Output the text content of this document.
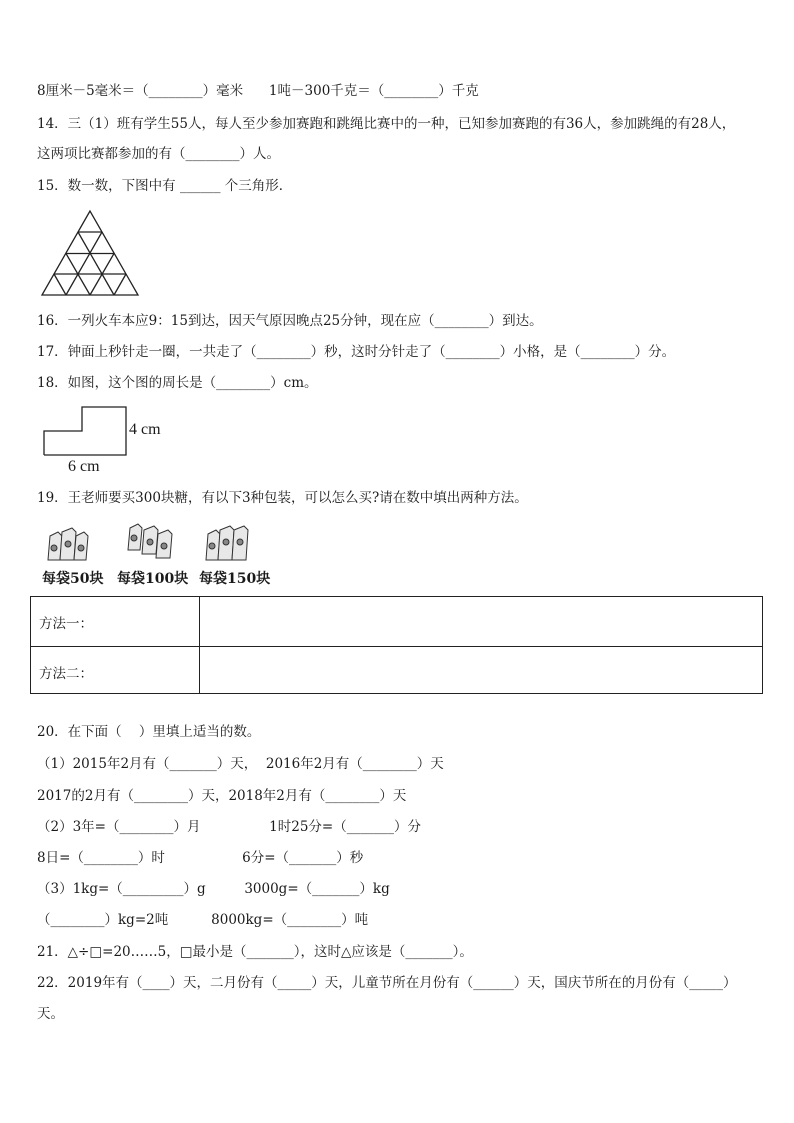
8厘米－5毫米＝（________）毫米      1吨－300千克＝（________）千克
14．三（1）班有学生55人，每人至少参加赛跑和跳绳比赛中的一种，已知参加赛跑的有36人，参加跳绳的有28人，
这两项比赛都参加的有（________）人。
15．数一数，下图中有 ______ 个三角形．
16．一列火车本应9：15到达，因天气原因晚点25分钟，现在应（________）到达。
17．钟面上秒针走一圈，一共走了（________）秒，这时分针走了（________）小格，是（________）分。
18．如图，这个图的周长是（________）cm。
4 cm
6 cm
19．王老师要买300块糖，有以下3种包装，可以怎么买?请在数中填出两种方法。
每袋50块 每袋100块 每袋150块
方法一：
方法二：
20．在下面（    ）里填上适当的数。
（1）2015年2月有（_______）天，  2016年2月有（________）天
2017的2月有（________）天，2018年2月有（________）天
（2）3年=（________）月                1时25分=（_______）分
8日=（________）时                  6分=（_______）秒
（3）1kg=（_________）g         3000g=（_______）kg
（________）kg=2吨          8000kg=（________）吨
21．△÷□=20……5，□最小是（_______），这时△应该是（_______）。
22．2019年有（____）天，二月份有（_____）天，儿童节所在月份有（______）天，国庆节所在的月份有（_____）
天。
